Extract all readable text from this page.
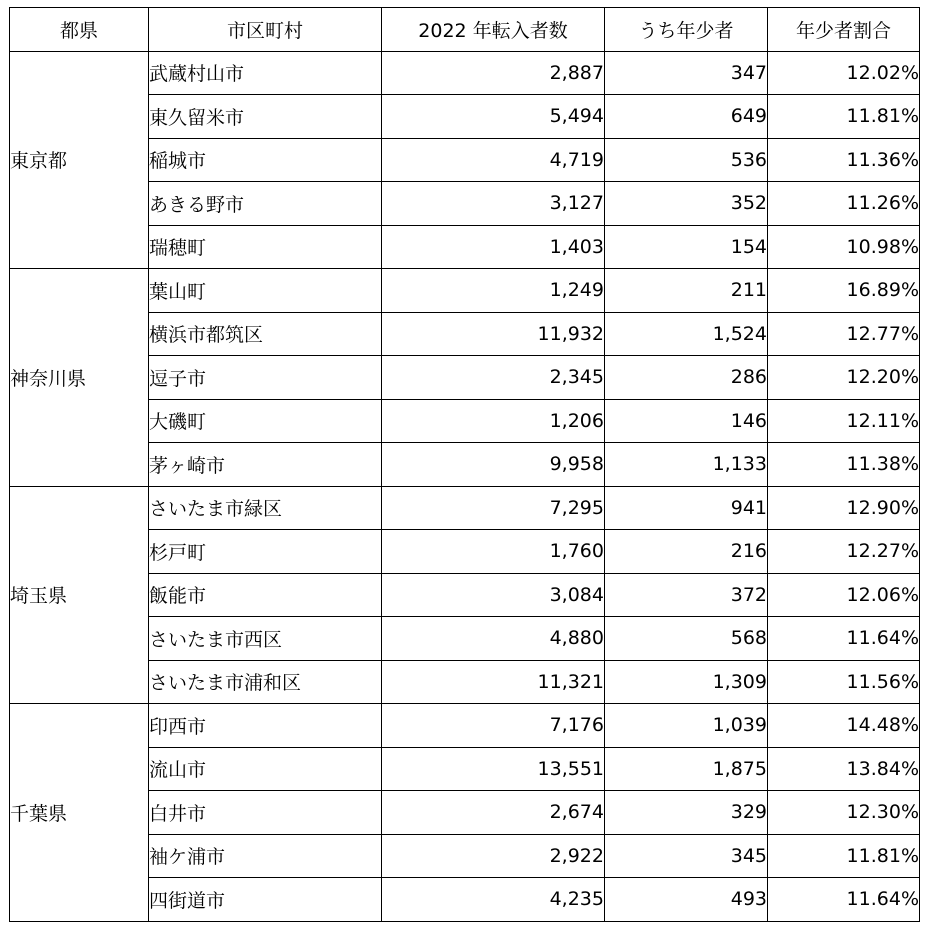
都県	市区町村	2022 年転入者数	うち年少者	年少者割合
東京都	武蔵村山市	2,887	347	12.02%
	東久留米市	5,494	649	11.81%
	稲城市	4,719	536	11.36%
	あきる野市	3,127	352	11.26%
	瑞穂町	1,403	154	10.98%
神奈川県	葉山町	1,249	211	16.89%
	横浜市都筑区	11,932	1,524	12.77%
	逗子市	2,345	286	12.20%
	大磯町	1,206	146	12.11%
	茅ヶ崎市	9,958	1,133	11.38%
埼玉県	さいたま市緑区	7,295	941	12.90%
	杉戸町	1,760	216	12.27%
	飯能市	3,084	372	12.06%
	さいたま市西区	4,880	568	11.64%
	さいたま市浦和区	11,321	1,309	11.56%
千葉県	印西市	7,176	1,039	14.48%
	流山市	13,551	1,875	13.84%
	白井市	2,674	329	12.30%
	袖ケ浦市	2,922	345	11.81%
	四街道市	4,235	493	11.64%
